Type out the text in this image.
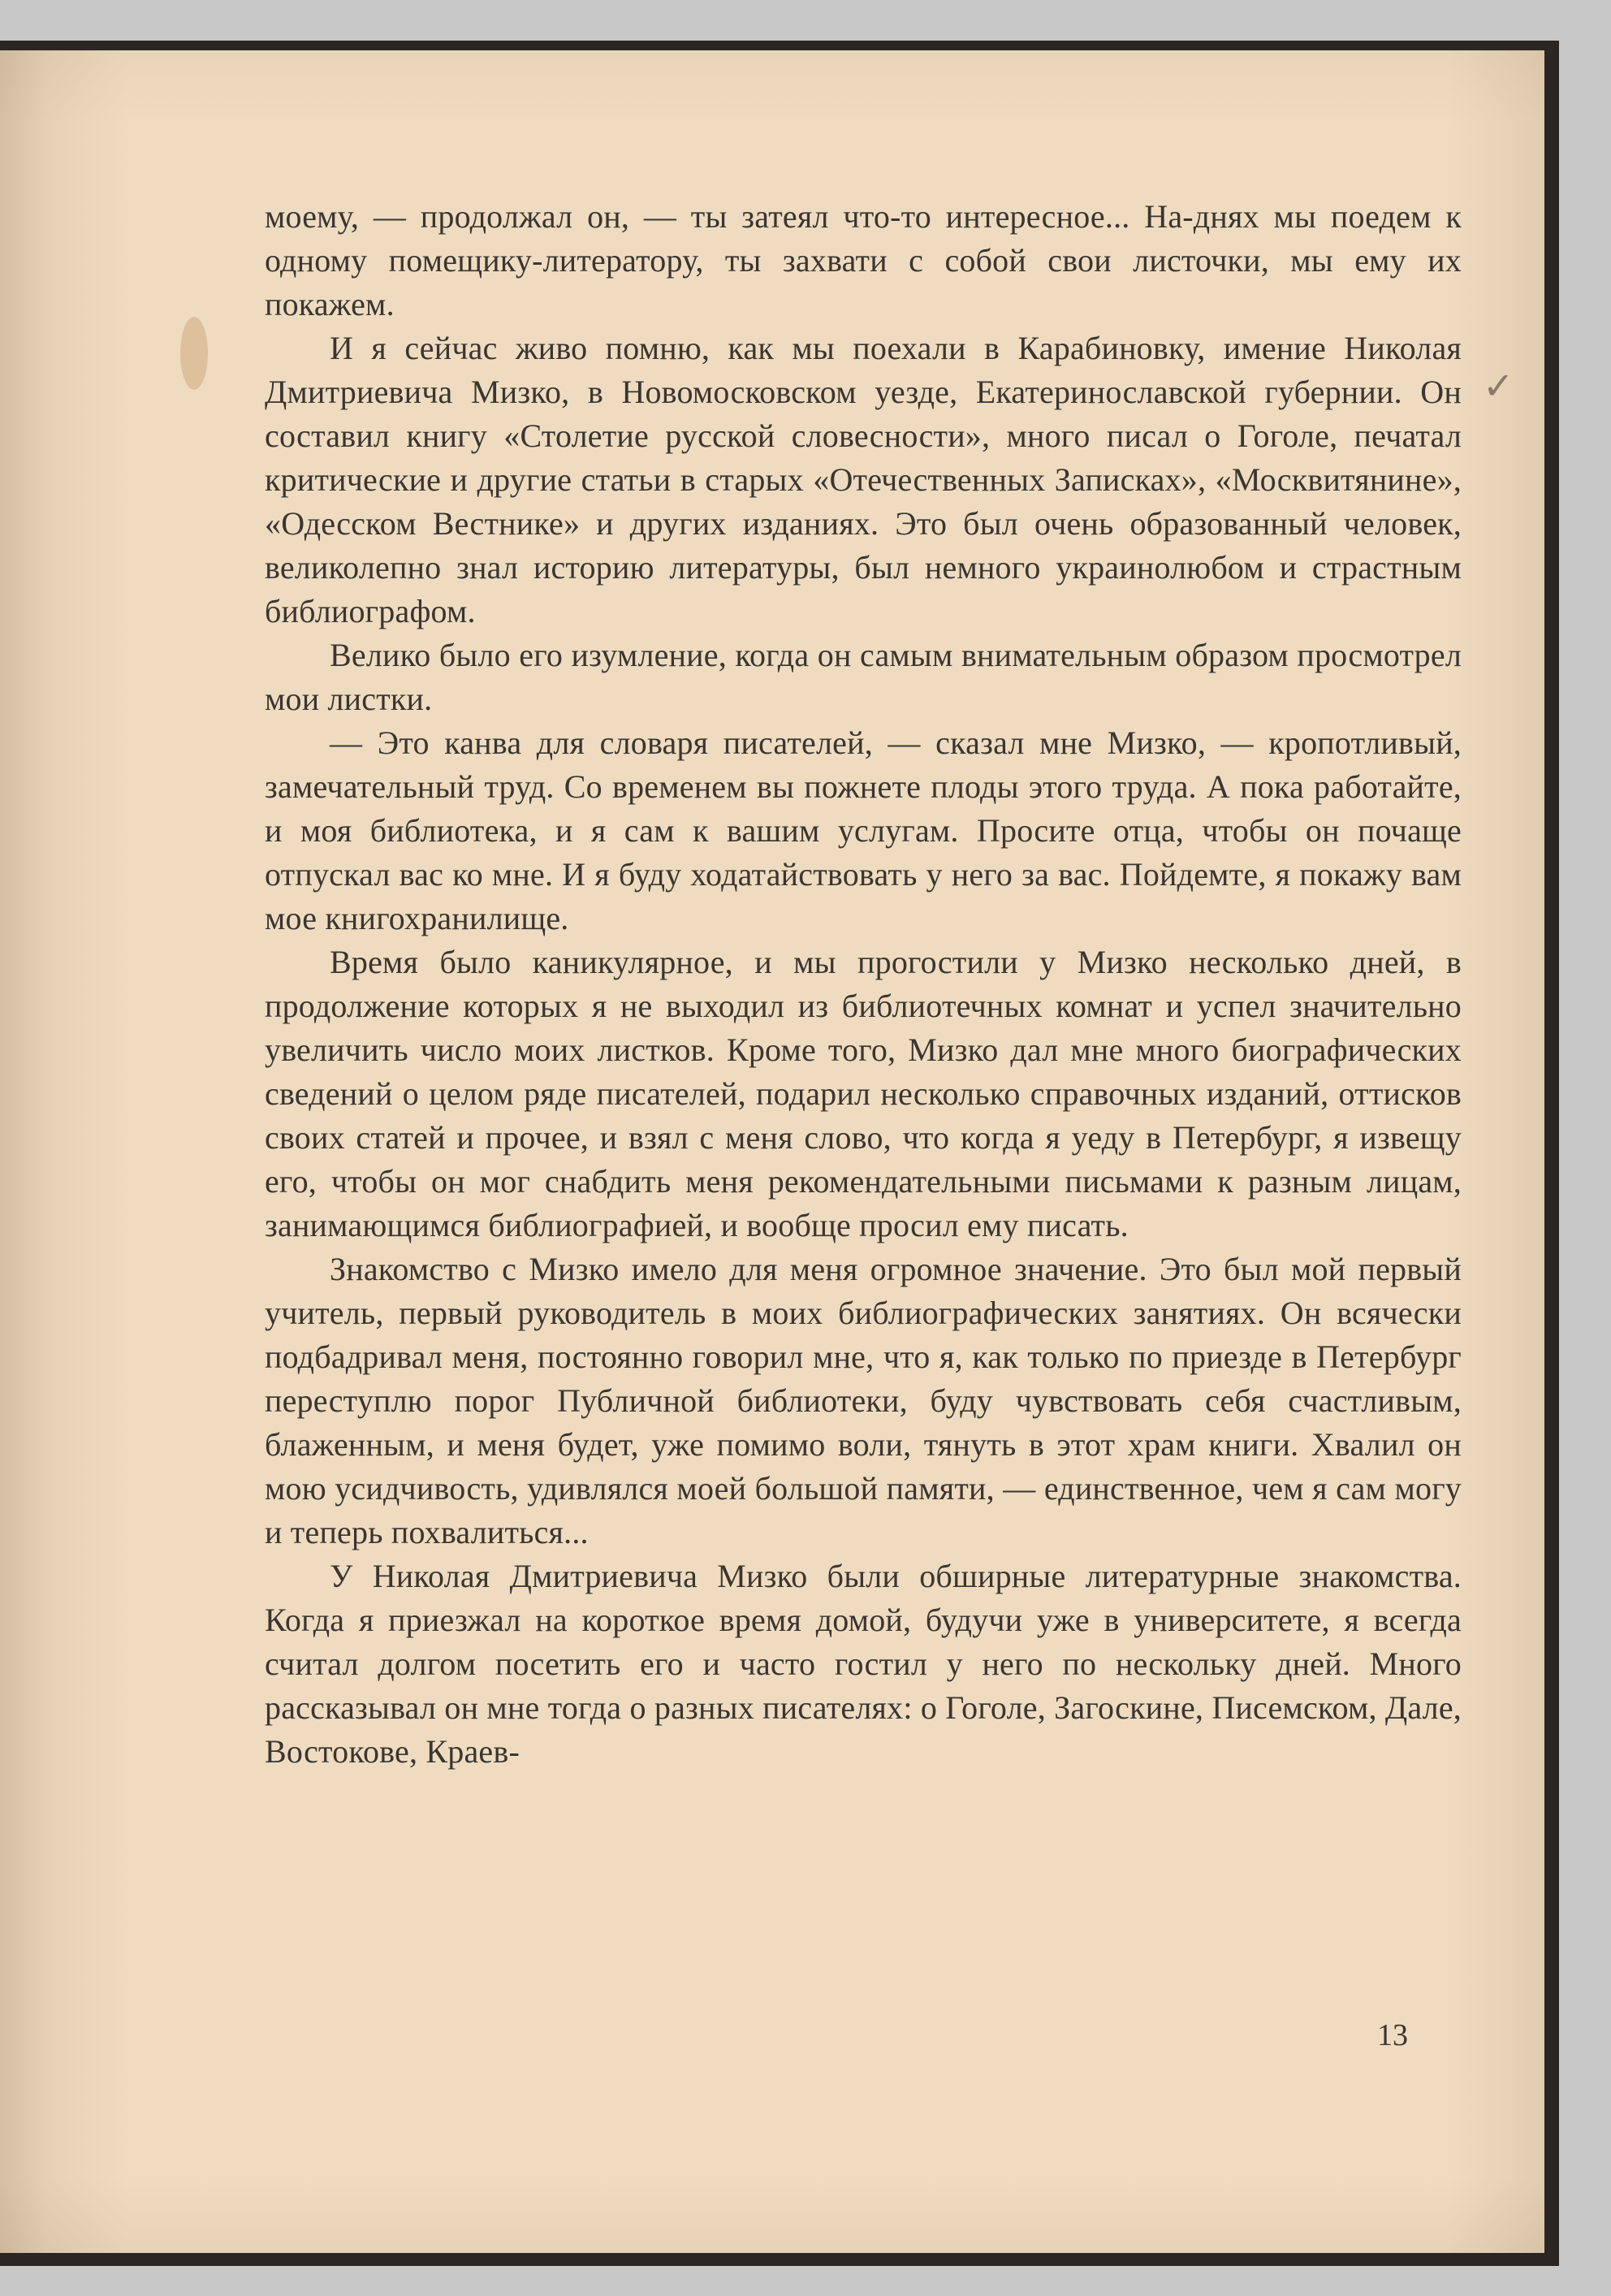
✓

моему, — продолжал он, — ты затеял что-то интересное... На-днях мы поедем к одному помещику-литератору, ты захвати с собой свои листочки, мы ему их покажем.

И я сейчас живо помню, как мы поехали в Карабиновку, имение Николая Дмитриевича Мизко, в Новомосковском уезде, Екатеринославской губернии. Он составил книгу «Столетие русской словесности», много писал о Гоголе, печатал критические и другие статьи в старых «Отечественных Записках», «Москвитянине», «Одесском Вестнике» и других изданиях. Это был очень образованный человек, великолепно знал историю литературы, был немного украинолюбом и страстным библиографом.

Велико было его изумление, когда он самым внимательным образом просмотрел мои листки.

— Это канва для словаря писателей, — сказал мне Мизко, — кропотливый, замечательный труд. Со временем вы пожнете плоды этого труда. А пока работайте, и моя библиотека, и я сам к вашим услугам. Просите отца, чтобы он почаще отпускал вас ко мне. И я буду ходатайствовать у него за вас. Пойдемте, я покажу вам мое книгохранилище.

Время было каникулярное, и мы прогостили у Мизко несколько дней, в продолжение которых я не выходил из библиотечных комнат и успел значительно увеличить число моих листков. Кроме того, Мизко дал мне много биографических сведений о целом ряде писателей, подарил несколько справочных изданий, оттисков своих статей и прочее, и взял с меня слово, что когда я уеду в Петербург, я извещу его, чтобы он мог снабдить меня рекомендательными письмами к разным лицам, занимающимся библиографией, и вообще просил ему писать.

Знакомство с Мизко имело для меня огромное значение. Это был мой первый учитель, первый руководитель в моих библиографических занятиях. Он всячески подбадривал меня, постоянно говорил мне, что я, как только по приезде в Петербург переступлю порог Публичной библиотеки, буду чувствовать себя счастливым, блаженным, и меня будет, уже помимо воли, тянуть в этот храм книги. Хвалил он мою усидчивость, удивлялся моей большой памяти, — единственное, чем я сам могу и теперь похвалиться...

У Николая Дмитриевича Мизко были обширные литературные знакомства. Когда я приезжал на короткое время домой, будучи уже в университете, я всегда считал долгом посетить его и часто гостил у него по нескольку дней. Много рассказывал он мне тогда о разных писателях: о Гоголе, Загоскине, Писемском, Дале, Востокове, Краев-

13
